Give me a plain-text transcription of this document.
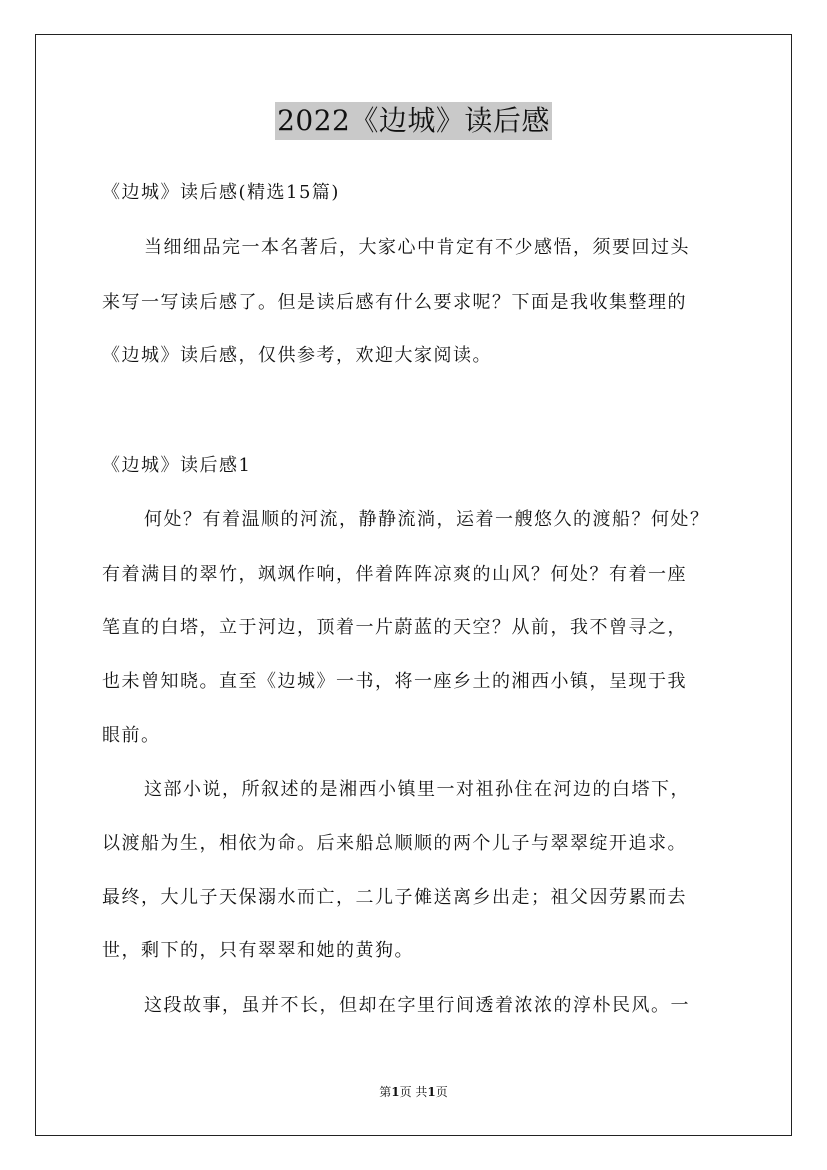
2022《边城》读后感
《边城》读后感(精选15篇)
当细细品完一本名著后，大家心中肯定有不少感悟，须要回过头
来写一写读后感了。但是读后感有什么要求呢？下面是我收集整理的
《边城》读后感，仅供参考，欢迎大家阅读。
《边城》读后感1
何处？有着温顺的河流，静静流淌，运着一艘悠久的渡船？何处？
有着满目的翠竹，飒飒作响，伴着阵阵凉爽的山风？何处？有着一座
笔直的白塔，立于河边，顶着一片蔚蓝的天空？从前，我不曾寻之，
也未曾知晓。直至《边城》一书，将一座乡土的湘西小镇，呈现于我
眼前。
这部小说，所叙述的是湘西小镇里一对祖孙住在河边的白塔下，
以渡船为生，相依为命。后来船总顺顺的两个儿子与翠翠绽开追求。
最终，大儿子天保溺水而亡，二儿子傩送离乡出走；祖父因劳累而去
世，剩下的，只有翠翠和她的黄狗。
这段故事，虽并不长，但却在字里行间透着浓浓的淳朴民风。一
第1页 共1页
